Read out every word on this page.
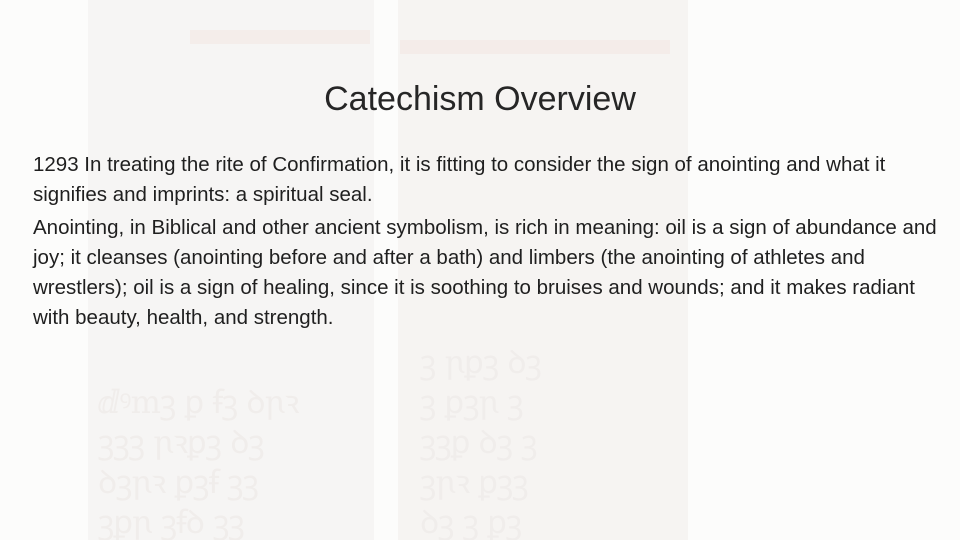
ⅆꝰmꝫ ꝑ ꞙꝫ ꝺꞃꝛ
ꝫꝫꝫ ꞃꝛꝑꝫ ꝺꝫ
ꝺꝫꞃꝛ ꝑꝫꞙ ꝫꝫ
ꝫꝑꞃ ꝫꞙꝺ ꝫꝫ
ꝫ ꞃꝑꝫ ꝺꝫ
ꝫ ꝑꝫꞃ ꝫ
ꝫꝫꝑ ꝺꝫ ꝫ
ꝫꞃꝛ ꝑꝫꝫ
ꝺꝫ ꝫ ꝑꝫ
Catechism Overview

1293 In treating the rite of Confirmation, it is fitting to consider the sign of anointing and what it signifies and imprints: a spiritual seal.

Anointing, in Biblical and other ancient symbolism, is rich in meaning: oil is a sign of abundance and joy; it cleanses (anointing before and after a bath) and limbers (the anointing of athletes and wrestlers); oil is a sign of healing, since it is soothing to bruises and wounds; and it makes radiant with beauty, health, and strength.
